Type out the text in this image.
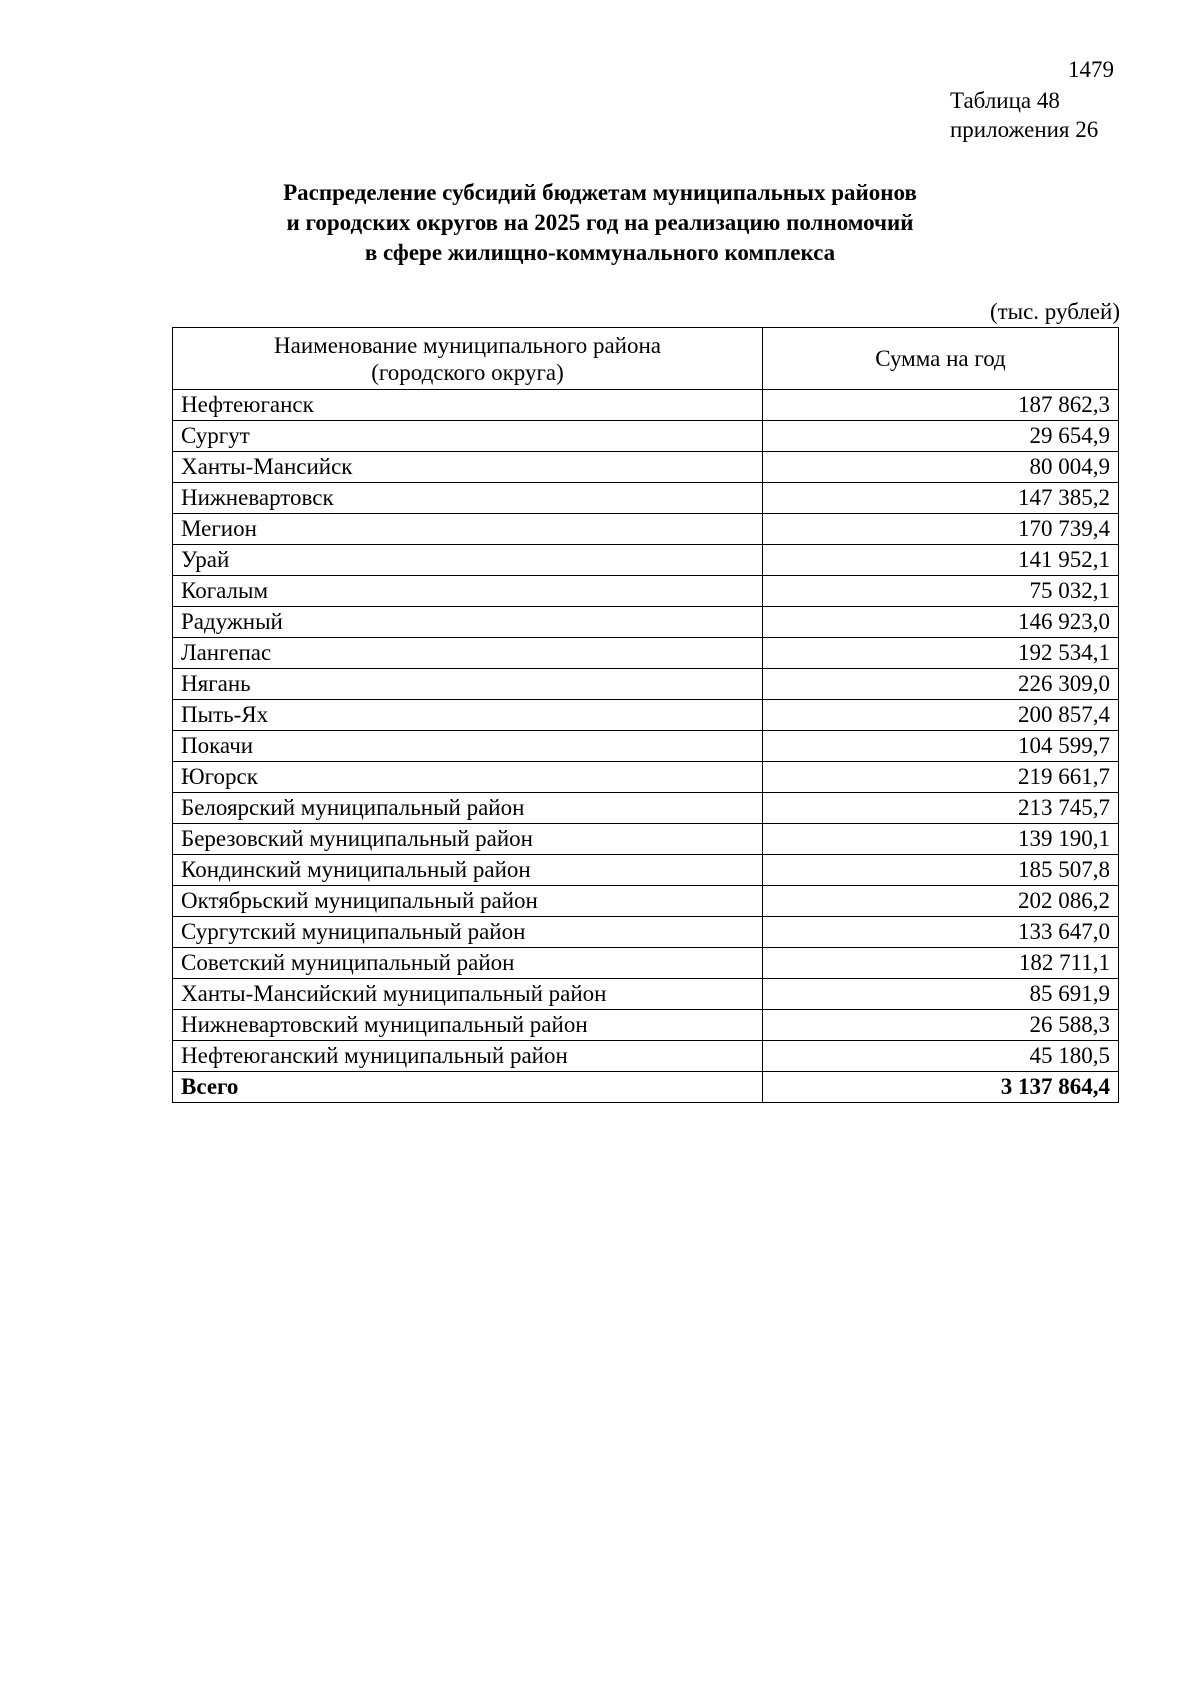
1479
Таблица 48
приложения 26
Распределение субсидий бюджетам муниципальных районов
и городских округов на 2025 год на реализацию полномочий
в сфере жилищно-коммунального комплекса
(тыс. рублей)
Наименование муниципального района
(городского округа)	Сумма на год
Нефтеюганск	187 862,3
Сургут	29 654,9
Ханты-Мансийск	80 004,9
Нижневартовск	147 385,2
Мегион	170 739,4
Урай	141 952,1
Когалым	75 032,1
Радужный	146 923,0
Лангепас	192 534,1
Нягань	226 309,0
Пыть-Ях	200 857,4
Покачи	104 599,7
Югорск	219 661,7
Белоярский муниципальный район	213 745,7
Березовский муниципальный район	139 190,1
Кондинский муниципальный район	185 507,8
Октябрьский муниципальный район	202 086,2
Сургутский муниципальный район	133 647,0
Советский муниципальный район	182 711,1
Ханты-Мансийский муниципальный район	85 691,9
Нижневартовский муниципальный район	26 588,3
Нефтеюганский муниципальный район	45 180,5
Всего	3 137 864,4
